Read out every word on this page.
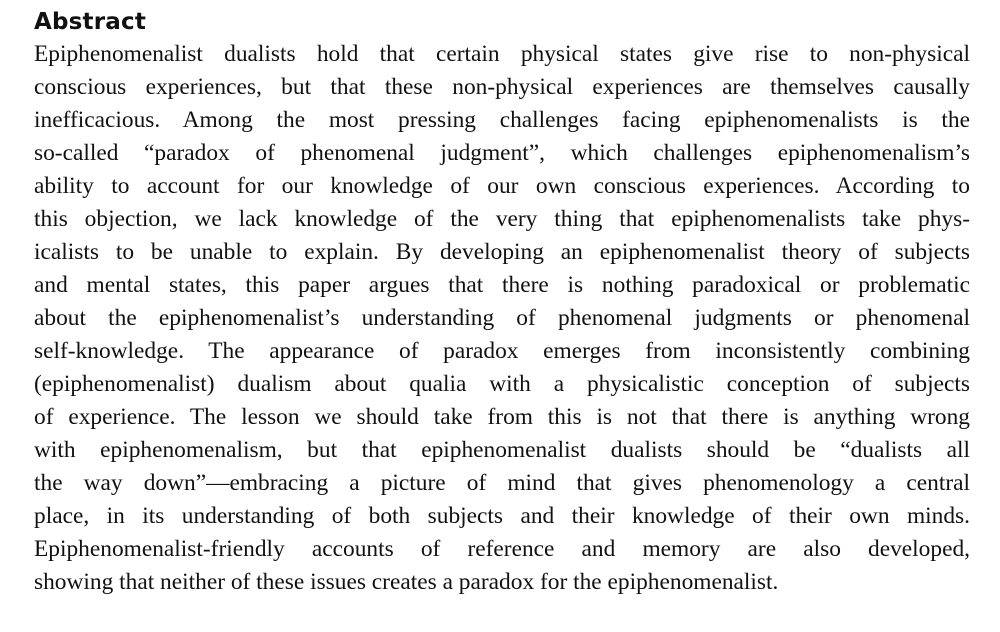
Abstract

Epiphenomenalist dualists hold that certain physical states give rise to non-physical
conscious experiences, but that these non-physical experiences are themselves causally
inefficacious. Among the most pressing challenges facing epiphenomenalists is the
so-called “paradox of phenomenal judgment”, which challenges epiphenomenalism’s
ability to account for our knowledge of our own conscious experiences. According to
this objection, we lack knowledge of the very thing that epiphenomenalists take phys-
icalists to be unable to explain. By developing an epiphenomenalist theory of subjects
and mental states, this paper argues that there is nothing paradoxical or problematic
about the epiphenomenalist’s understanding of phenomenal judgments or phenomenal
self-knowledge. The appearance of paradox emerges from inconsistently combining
(epiphenomenalist) dualism about qualia with a physicalistic conception of subjects
of experience. The lesson we should take from this is not that there is anything wrong
with epiphenomenalism, but that epiphenomenalist dualists should be “dualists all
the way down”—embracing a picture of mind that gives phenomenology a central
place, in its understanding of both subjects and their knowledge of their own minds.
Epiphenomenalist-friendly accounts of reference and memory are also developed,
showing that neither of these issues creates a paradox for the epiphenomenalist.
